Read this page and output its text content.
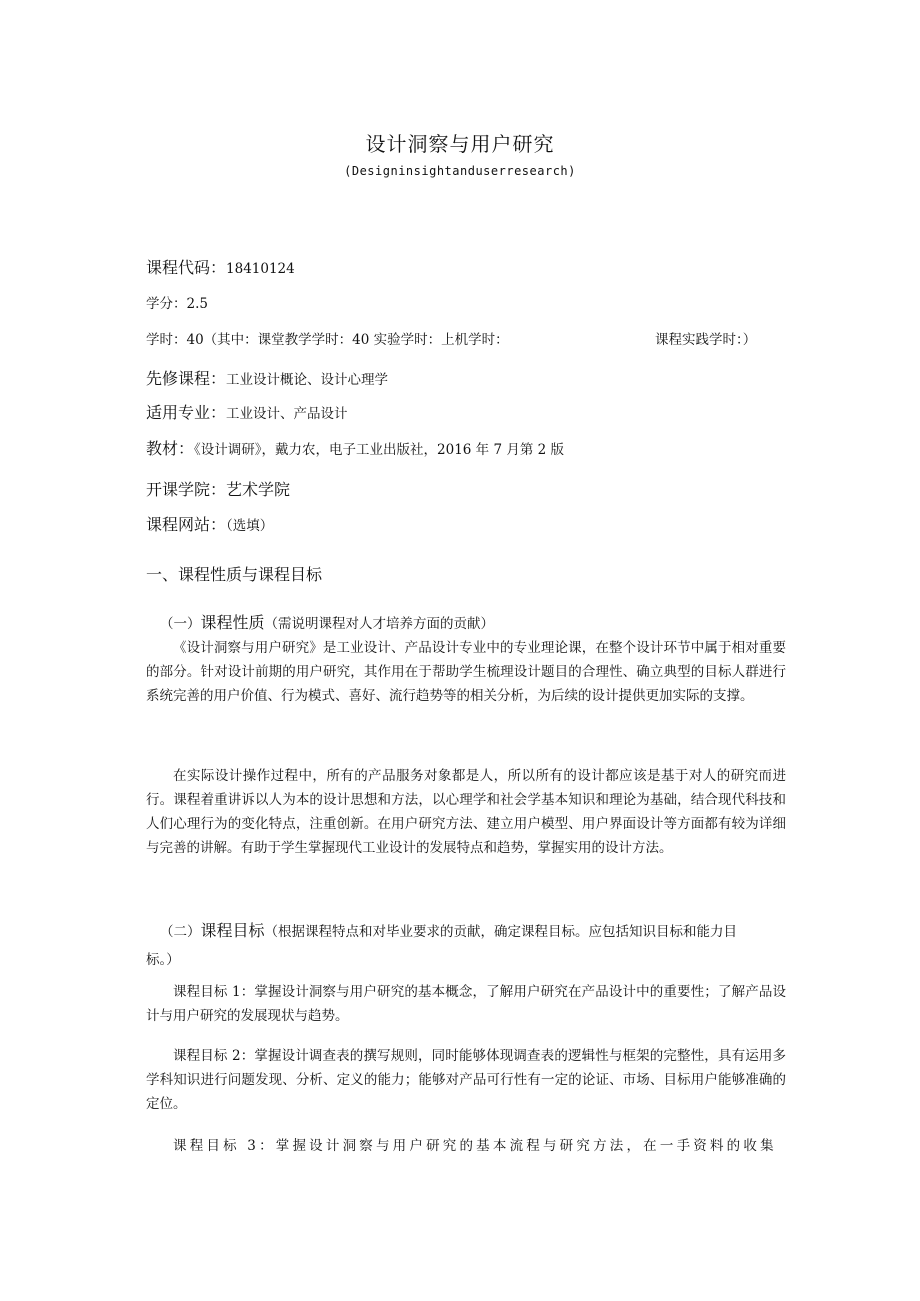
设计洞察与用户研究
(Designinsightanduserresearch)
课程代码：18410124
学分：2.5
学时：40（其中：课堂教学学时：40 实验学时：上机学时：	课程实践学时：）
先修课程：工业设计概论、设计心理学
适用专业：工业设计、产品设计
教材：《设计调研》，戴力农，电子工业出版社，2016 年 7 月第 2 版
开课学院：艺术学院
课程网站：（选填）
一、课程性质与课程目标
（一）课程性质（需说明课程对人才培养方面的贡献）
《设计洞察与用户研究》是工业设计、产品设计专业中的专业理论课，在整个设计环节中属于相对重要的部分。针对设计前期的用户研究，其作用在于帮助学生梳理设计题目的合理性、确立典型的目标人群进行系统完善的用户价值、行为模式、喜好、流行趋势等的相关分析，为后续的设计提供更加实际的支撑。
在实际设计操作过程中，所有的产品服务对象都是人，所以所有的设计都应该是基于对人的研究而进行。课程着重讲诉以人为本的设计思想和方法，以心理学和社会学基本知识和理论为基础，结合现代科技和人们心理行为的变化特点，注重创新。在用户研究方法、建立用户模型、用户界面设计等方面都有较为详细与完善的讲解。有助于学生掌握现代工业设计的发展特点和趋势，掌握实用的设计方法。
（二）课程目标（根据课程特点和对毕业要求的贡献，确定课程目标。应包括知识目标和能力目
标。）
课程目标 1：掌握设计洞察与用户研究的基本概念，了解用户研究在产品设计中的重要性；了解产品设计与用户研究的发展现状与趋势。
课程目标 2：掌握设计调查表的撰写规则，同时能够体现调查表的逻辑性与框架的完整性，具有运用多学科知识进行问题发现、分析、定义的能力；能够对产品可行性有一定的论证、市场、目标用户能够准确的定位。
课程目标 3：掌握设计洞察与用户研究的基本流程与研究方法，在一手资料的收集
